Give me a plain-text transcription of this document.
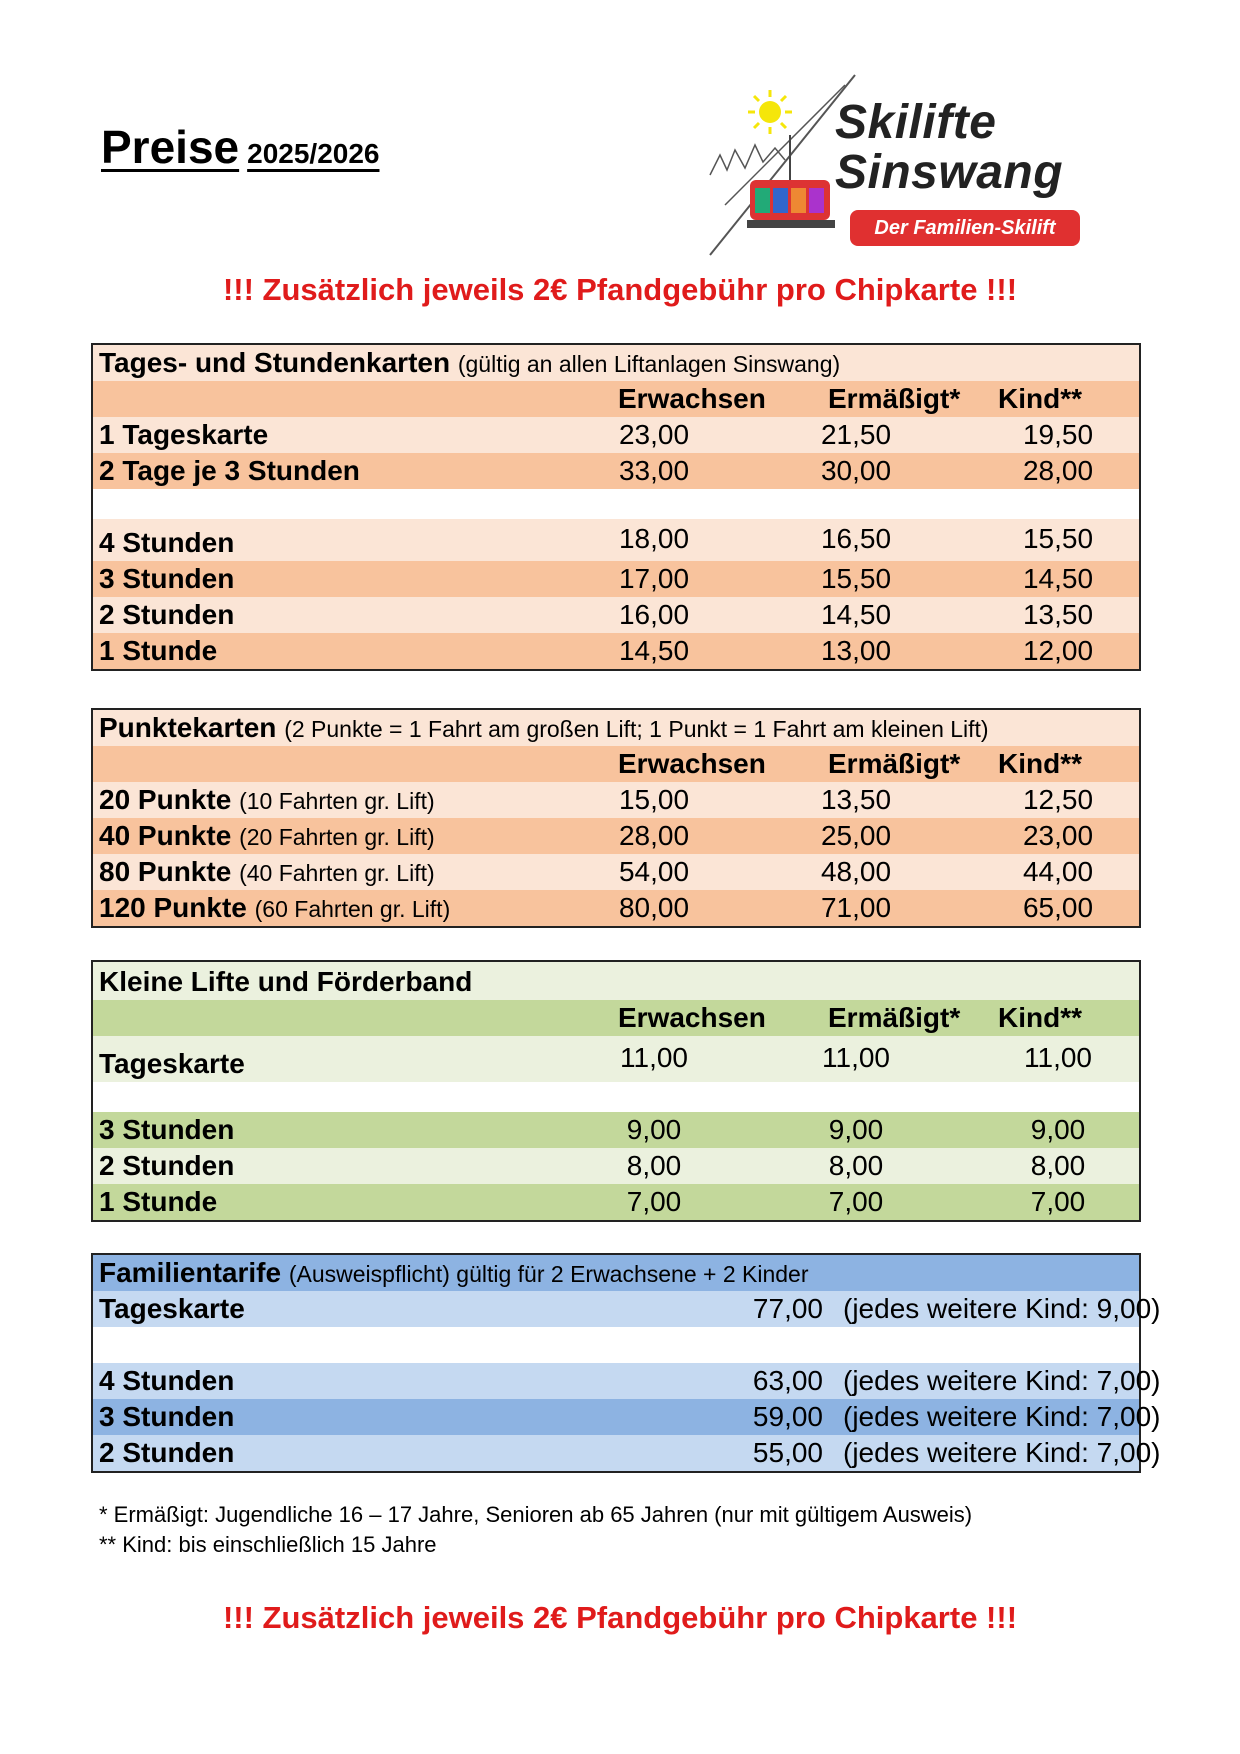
Preise 2025/2026
Skilifte
Sinswang
Der Familien-Skilift
!!! Zusätzlich jeweils 2€ Pfandgebühr pro Chipkarte !!!
Tages- und Stundenkarten (gültig an allen Liftanlagen Sinswang)
Erwachsen Ermäßigt* Kind**
1 Tageskarte	23,00	21,50	19,50
2 Tage je 3 Stunden	33,00	30,00	28,00
4 Stunden	18,00	16,50	15,50
3 Stunden	17,00	15,50	14,50
2 Stunden	16,00	14,50	13,50
1 Stunde	14,50	13,00	12,00
Punktekarten (2 Punkte = 1 Fahrt am großen Lift; 1 Punkt = 1 Fahrt am kleinen Lift)
Erwachsen Ermäßigt* Kind**
20 Punkte (10 Fahrten gr. Lift)	15,00	13,50	12,50
40 Punkte (20 Fahrten gr. Lift)	28,00	25,00	23,00
80 Punkte (40 Fahrten gr. Lift)	54,00	48,00	44,00
120 Punkte (60 Fahrten gr. Lift)	80,00	71,00	65,00
Kleine Lifte und Förderband
Erwachsen Ermäßigt* Kind**
Tageskarte	11,00	11,00	11,00
3 Stunden	9,00	9,00	9,00
2 Stunden	8,00	8,00	8,00
1 Stunde	7,00	7,00	7,00
Familientarife (Ausweispflicht) gültig für 2 Erwachsene + 2 Kinder
Tageskarte	77,00 (jedes weitere Kind: 9,00)
4 Stunden	63,00 (jedes weitere Kind: 7,00)
3 Stunden	59,00 (jedes weitere Kind: 7,00)
2 Stunden	55,00 (jedes weitere Kind: 7,00)
* Ermäßigt: Jugendliche 16 – 17 Jahre, Senioren ab 65 Jahren (nur mit gültigem Ausweis)
** Kind: bis einschließlich 15 Jahre
!!! Zusätzlich jeweils 2€ Pfandgebühr pro Chipkarte !!!
